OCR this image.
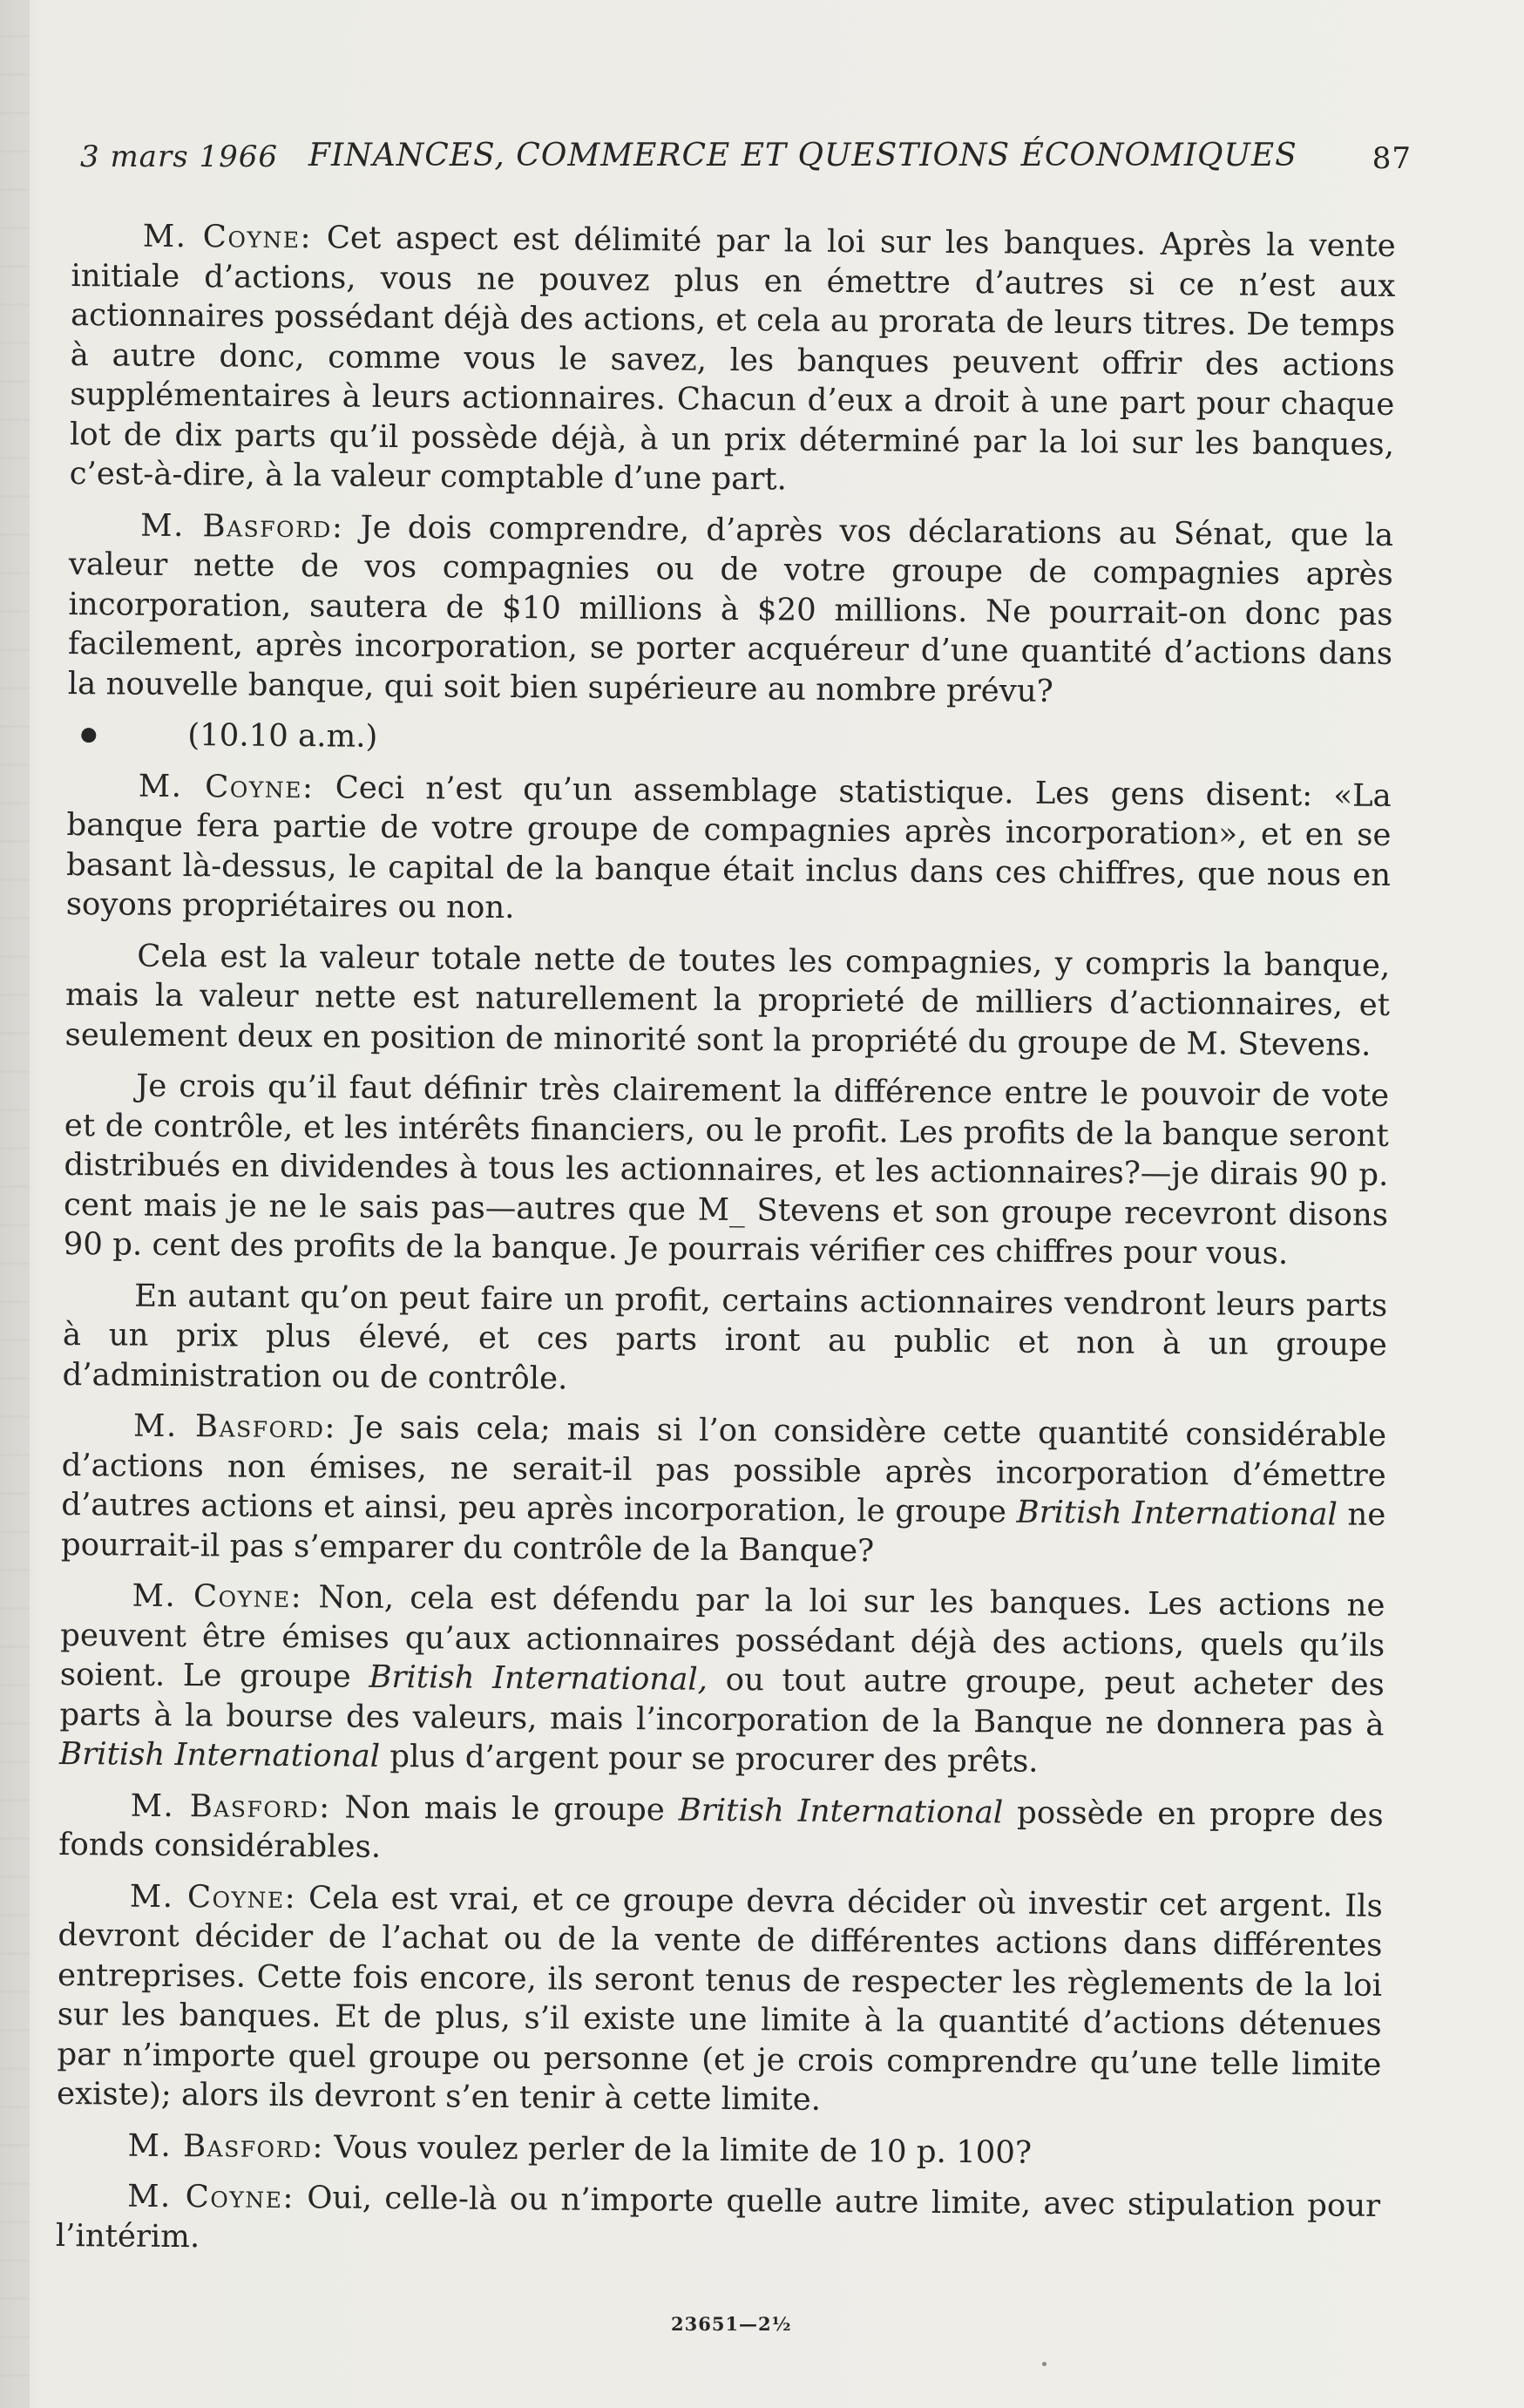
3 mars 1966 FINANCES, COMMERCE ET QUESTIONS ÉCONOMIQUES	87

M. Coyne: Cet aspect est délimité par la loi sur les banques. Après la vente initiale d’actions, vous ne pouvez plus en émettre d’autres si ce n’est aux actionnaires possédant déjà des actions, et cela au prorata de leurs titres. De temps à autre donc, comme vous le savez, les banques peuvent offrir des actions supplémentaires à leurs actionnaires. Chacun d’eux a droit à une part pour chaque lot de dix parts qu’il possède déjà, à un prix déterminé par la loi sur les banques, c’est-à-dire, à la valeur comptable d’une part.

M. Basford: Je dois comprendre, d’après vos déclarations au Sénat, que la valeur nette de vos compagnies ou de votre groupe de compagnies après incorporation, sautera de $10 millions à $20 millions. Ne pourrait-on donc pas facilement, après incorporation, se porter acquéreur d’une quantité d’actions dans la nouvelle banque, qui soit bien supérieure au nombre prévu?

(10.10 a.m.)

M. Coyne: Ceci n’est qu’un assemblage statistique. Les gens disent: «La banque fera partie de votre groupe de compagnies après incorporation», et en se basant là-dessus, le capital de la banque était inclus dans ces chiffres, que nous en soyons propriétaires ou non.

Cela est la valeur totale nette de toutes les compagnies, y compris la banque, mais la valeur nette est naturellement la proprieté de milliers d’actionnaires, et seulement deux en position de minorité sont la propriété du groupe de M. Stevens.

Je crois qu’il faut définir très clairement la différence entre le pouvoir de vote et de contrôle, et les intérêts financiers, ou le profit. Les profits de la banque seront distribués en dividendes à tous les actionnaires, et les actionnaires?—je dirais 90 p. cent mais je ne le sais pas—autres que M_ Stevens et son groupe recevront disons 90 p. cent des profits de la banque. Je pourrais vérifier ces chiffres pour vous.

En autant qu’on peut faire un profit, certains actionnaires vendront leurs parts à un prix plus élevé, et ces parts iront au public et non à un groupe d’administration ou de contrôle.

M. Basford: Je sais cela; mais si l’on considère cette quantité considérable d’actions non émises, ne serait-il pas possible après incorporation d’émettre d’autres actions et ainsi, peu après incorporation, le groupe British International ne pourrait-il pas s’emparer du contrôle de la Banque?

M. Coyne: Non, cela est défendu par la loi sur les banques. Les actions ne peuvent être émises qu’aux actionnaires possédant déjà des actions, quels qu’ils soient. Le groupe British International, ou tout autre groupe, peut acheter des parts à la bourse des valeurs, mais l’incorporation de la Banque ne donnera pas à British International plus d’argent pour se procurer des prêts.

M. Basford: Non mais le groupe British International possède en propre des fonds considérables.

M. Coyne: Cela est vrai, et ce groupe devra décider où investir cet argent. Ils devront décider de l’achat ou de la vente de différentes actions dans différentes entreprises. Cette fois encore, ils seront tenus de respecter les règlements de la loi sur les banques. Et de plus, s’il existe une limite à la quantité d’actions détenues par n’importe quel groupe ou personne (et je crois comprendre qu’une telle limite existe); alors ils devront s’en tenir à cette limite.

M. Basford: Vous voulez perler de la limite de 10 p. 100?

M. Coyne: Oui, celle-là ou n’importe quelle autre limite, avec stipulation pour l’intérim.

23651—2½
